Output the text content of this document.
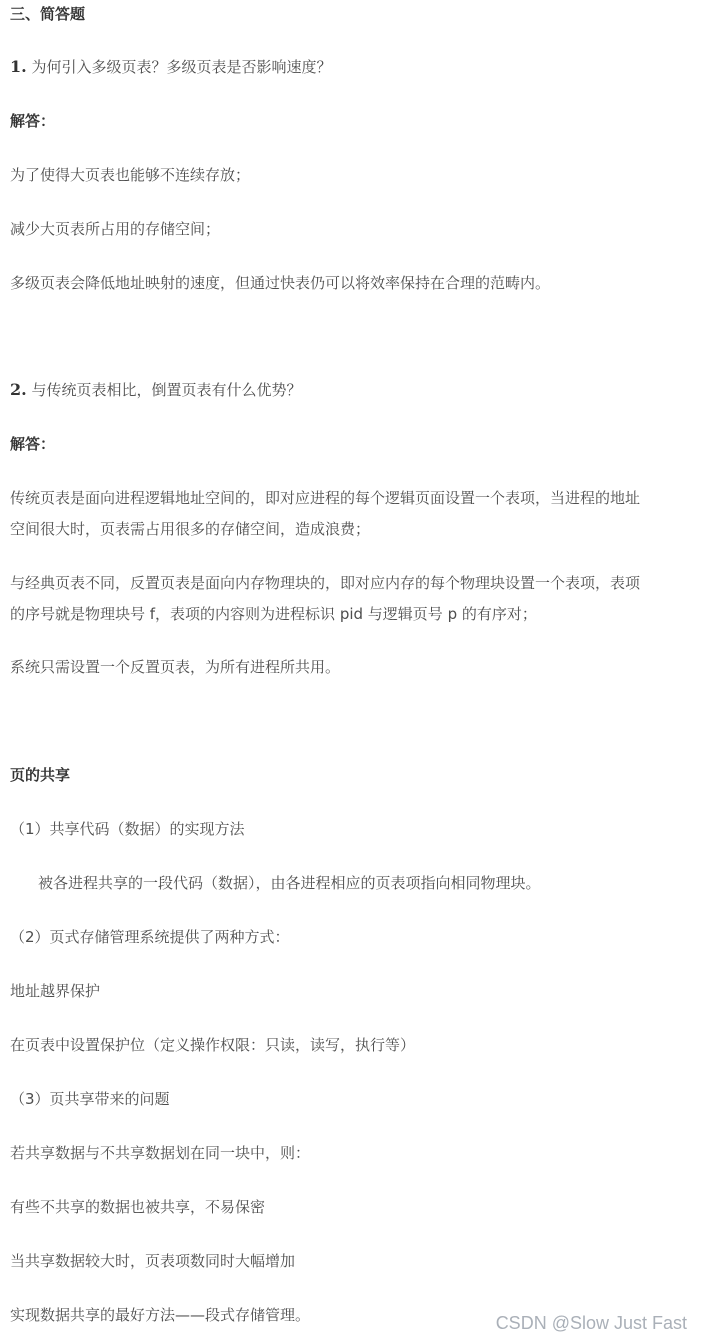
三、简答题
1. 为何引入多级页表？多级页表是否影响速度？
解答：
为了使得大页表也能够不连续存放；
减少大页表所占用的存储空间；
多级页表会降低地址映射的速度，但通过快表仍可以将效率保持在合理的范畴内。
2. 与传统页表相比，倒置页表有什么优势？
解答：
传统页表是面向进程逻辑地址空间的，即对应进程的每个逻辑页面设置一个表项，当进程的地址
空间很大时，页表需占用很多的存储空间，造成浪费；
与经典页表不同，反置页表是面向内存物理块的，即对应内存的每个物理块设置一个表项，表项
的序号就是物理块号 f，表项的内容则为进程标识 pid 与逻辑页号 p 的有序对；
系统只需设置一个反置页表，为所有进程所共用。
页的共享
（1）共享代码（数据）的实现方法
被各进程共享的一段代码（数据），由各进程相应的页表项指向相同物理块。
（2）页式存储管理系统提供了两种方式：
地址越界保护
在页表中设置保护位（定义操作权限：只读，读写，执行等）
（3）页共享带来的问题
若共享数据与不共享数据划在同一块中，则：
有些不共享的数据也被共享，不易保密
当共享数据较大时，页表项数同时大幅增加
实现数据共享的最好方法——段式存储管理。	CSDN @Slow Just Fast
